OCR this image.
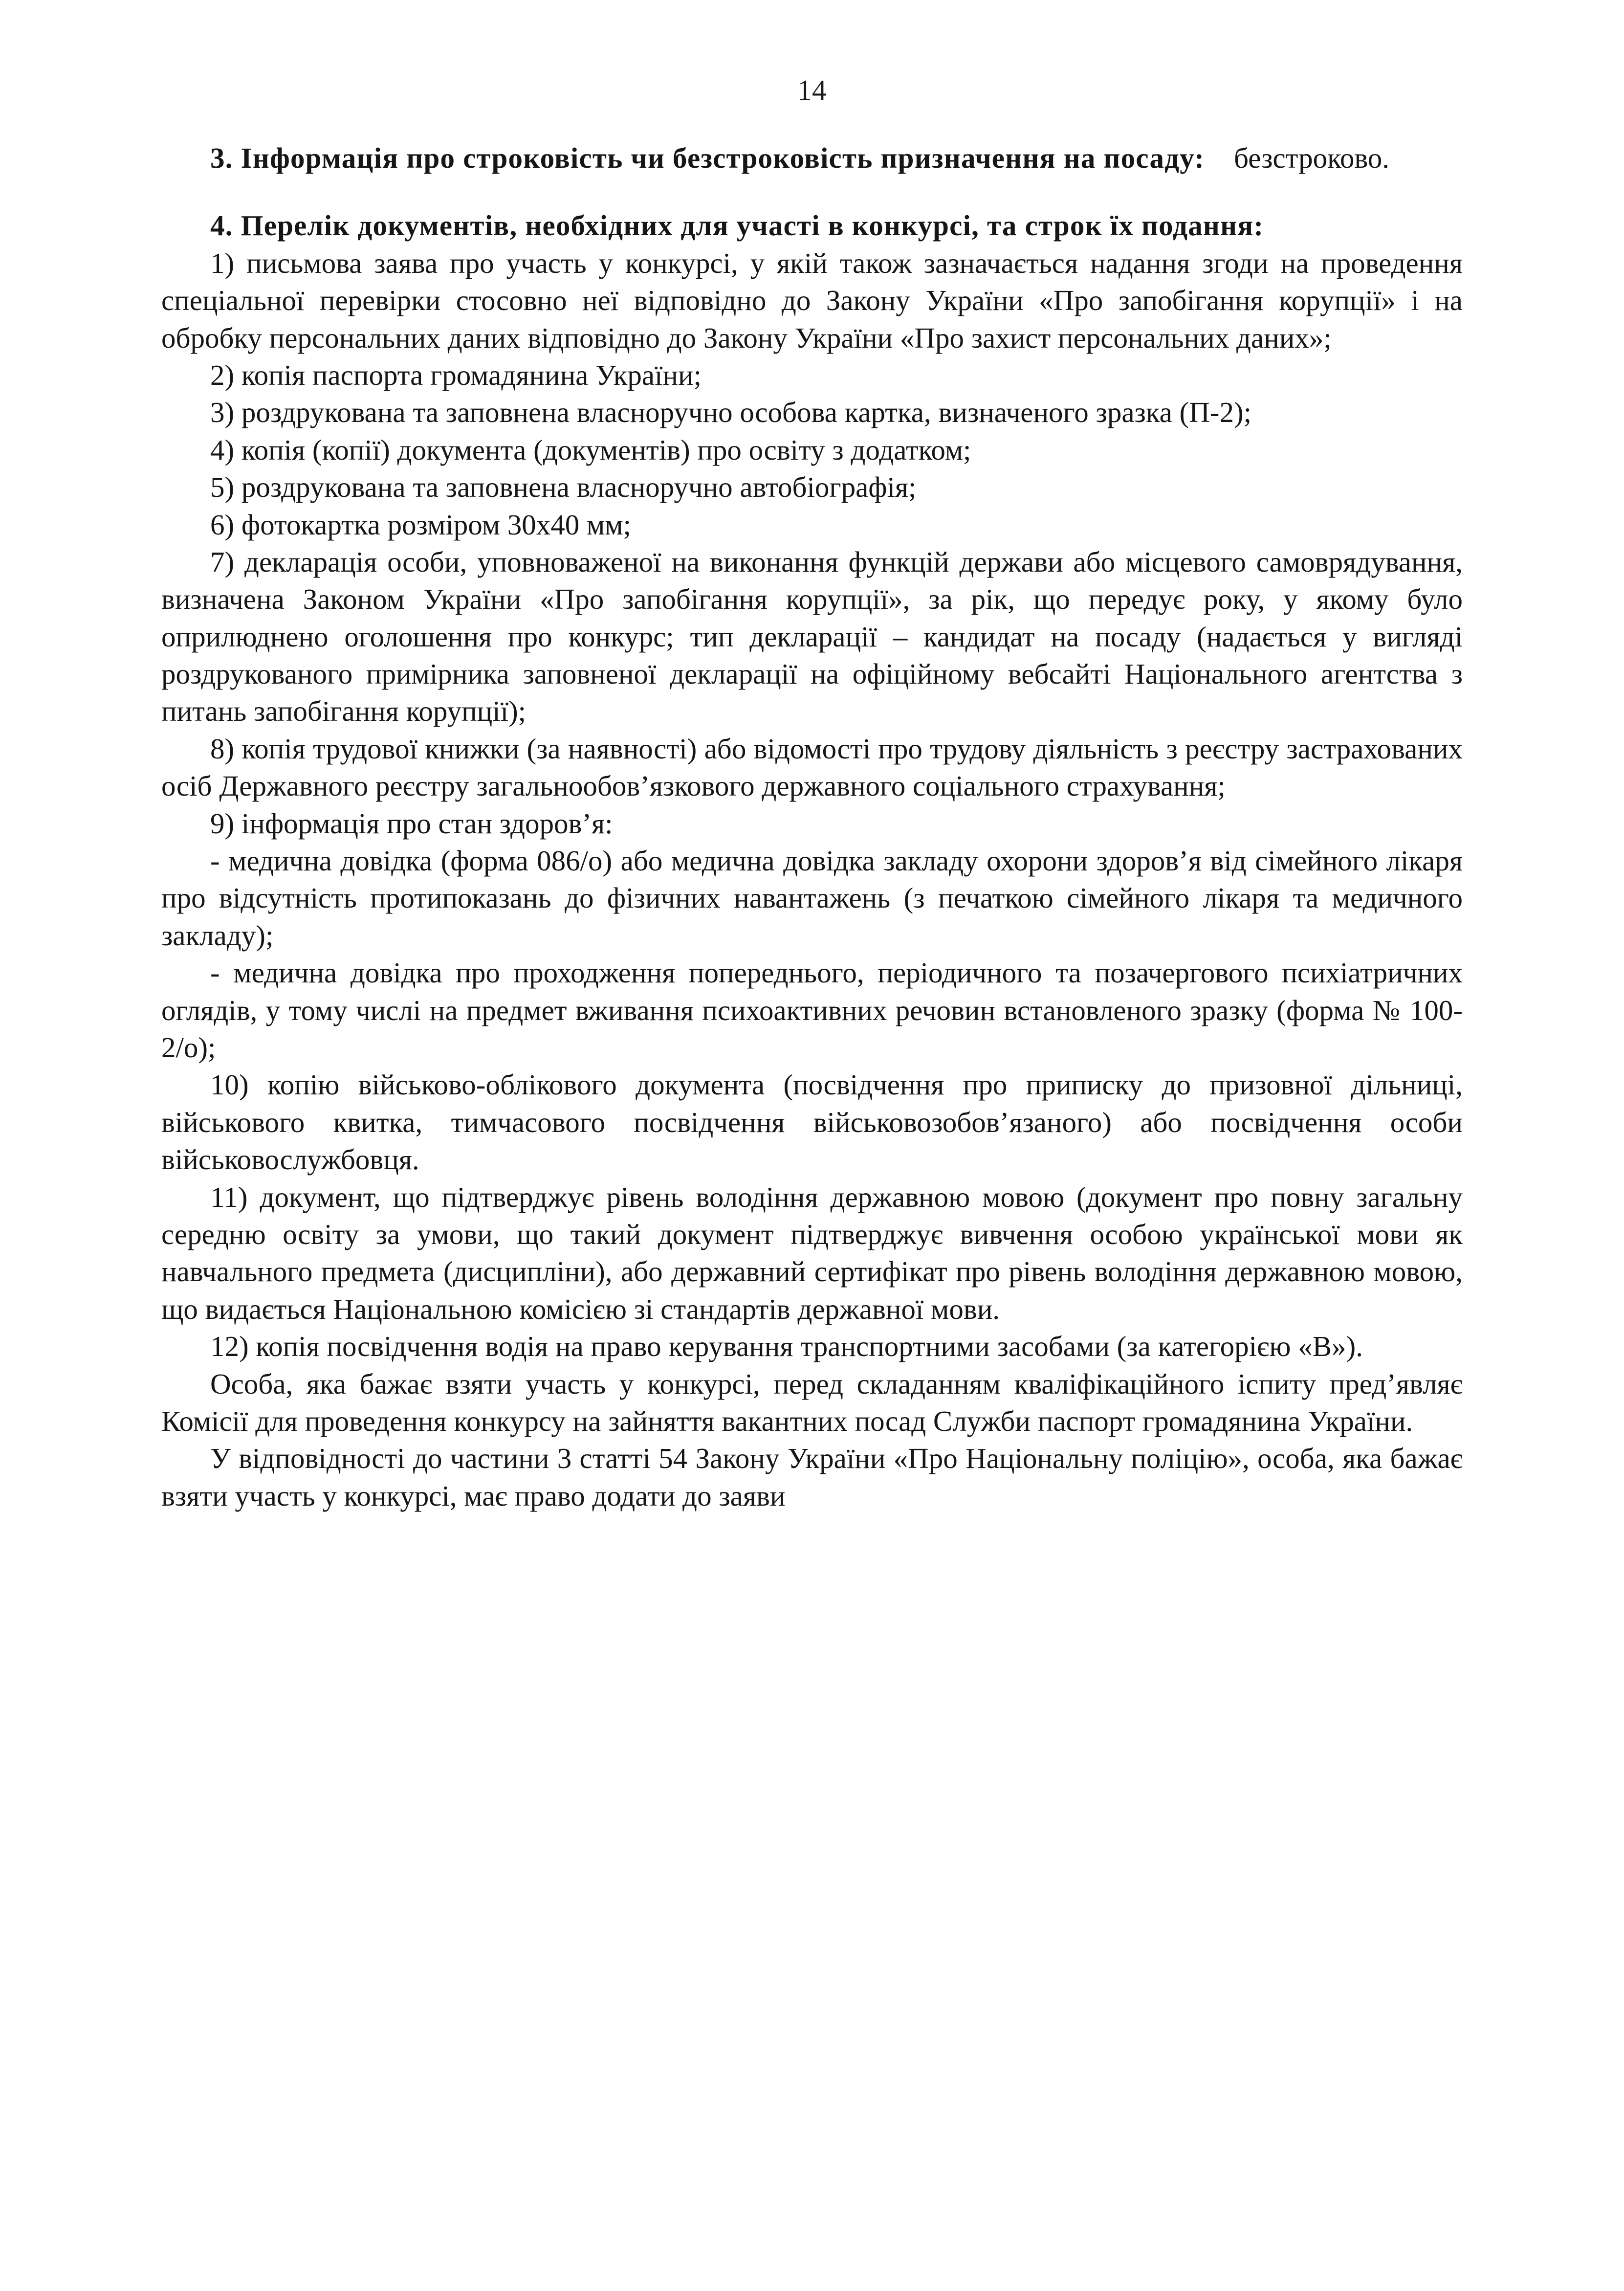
14

3. Інформація про строковість чи безстроковість призначення на посаду: безстроково.

4. Перелік документів, необхідних для участі в конкурсі, та строк їх подання:

1) письмова заява про участь у конкурсі, у якій також зазначається надання згоди на проведення спеціальної перевірки стосовно неї відповідно до Закону України «Про запобігання корупції» і на обробку персональних даних відповідно до Закону України «Про захист персональних даних»;

2) копія паспорта громадянина України;

3) роздрукована та заповнена власноручно особова картка, визначеного зразка (П-2);

4) копія (копії) документа (документів) про освіту з додатком;

5) роздрукована та заповнена власноручно автобіографія;

6) фотокартка розміром 30х40 мм;

7) декларація особи, уповноваженої на виконання функцій держави або місцевого самоврядування, визначена Законом України «Про запобігання корупції», за рік, що передує року, у якому було оприлюднено оголошення про конкурс; тип декларації – кандидат на посаду (надається у вигляді роздрукованого примірника заповненої декларації на офіційному вебсайті Національного агентства з питань запобігання корупції);

8) копія трудової книжки (за наявності) або відомості про трудову діяльність з реєстру застрахованих осіб Державного реєстру загальнообов’язкового державного соціального страхування;

9) інформація про стан здоров’я:

- медична довідка (форма 086/о) або медична довідка закладу охорони здоров’я від сімейного лікаря про відсутність протипоказань до фізичних навантажень (з печаткою сімейного лікаря та медичного закладу);

- медична довідка про проходження попереднього, періодичного та позачергового психіатричних оглядів, у тому числі на предмет вживання психоактивних речовин встановленого зразку (форма № 100-2/о);

10) копію військово-облікового документа (посвідчення про приписку до призовної дільниці, військового квитка, тимчасового посвідчення військовозобов’язаного) або посвідчення особи військовослужбовця.

11) документ, що підтверджує рівень володіння державною мовою (документ про повну загальну середню освіту за умови, що такий документ підтверджує вивчення особою української мови як навчального предмета (дисципліни), або державний сертифікат про рівень володіння державною мовою, що видається Національною комісією зі стандартів державної мови.

12) копія посвідчення водія на право керування транспортними засобами (за категорією «В»).

Особа, яка бажає взяти участь у конкурсі, перед складанням кваліфікаційного іспиту пред’являє Комісії для проведення конкурсу на зайняття вакантних посад Служби паспорт громадянина України.

У відповідності до частини 3 статті 54 Закону України «Про Національну поліцію», особа, яка бажає взяти участь у конкурсі, має право додати до заяви
